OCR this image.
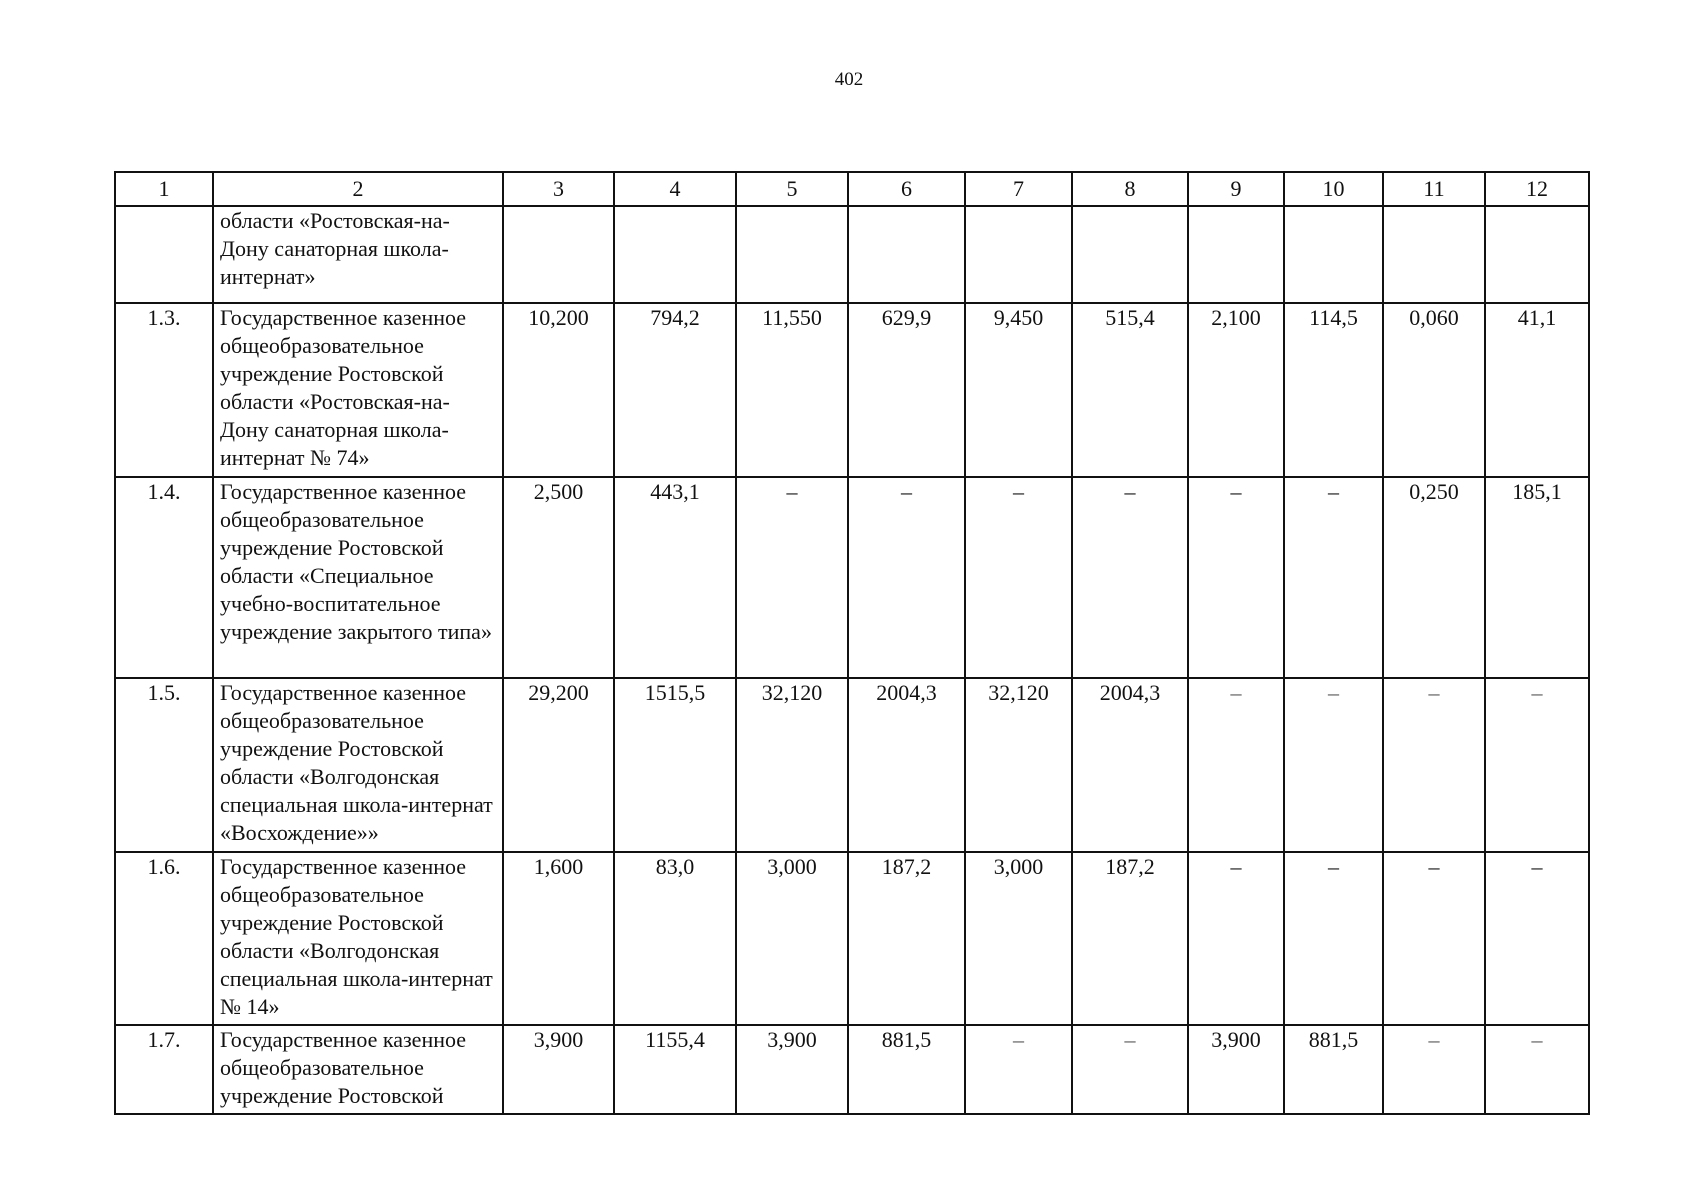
402
1	2	3	4	5	6	7	8	9	10	11	12
	области «Ростовская-на-Дону санаторная школа-интернат»										
1.3.	Государственное казенное общеобразовательное учреждение Ростовской области «Ростовская-на-Дону санаторная школа-интернат № 74»	10,200	794,2	11,550	629,9	9,450	515,4	2,100	114,5	0,060	41,1
1.4.	Государственное казенное общеобразовательное учреждение Ростовской области «Специальное учебно-воспитательное учреждение закрытого типа»	2,500	443,1	–	–	–	–	–	–	0,250	185,1
1.5.	Государственное казенное общеобразовательное учреждение Ростовской области «Волгодонская специальная школа-интернат «Восхождение»»	29,200	1515,5	32,120	2004,3	32,120	2004,3	–	–	–	–
1.6.	Государственное казенное общеобразовательное учреждение Ростовской области «Волгодонская специальная школа-интернат № 14»	1,600	83,0	3,000	187,2	3,000	187,2	–	–	–	–
1.7.	Государственное казенное общеобразовательное учреждение Ростовской	3,900	1155,4	3,900	881,5	–	–	3,900	881,5	–	–
